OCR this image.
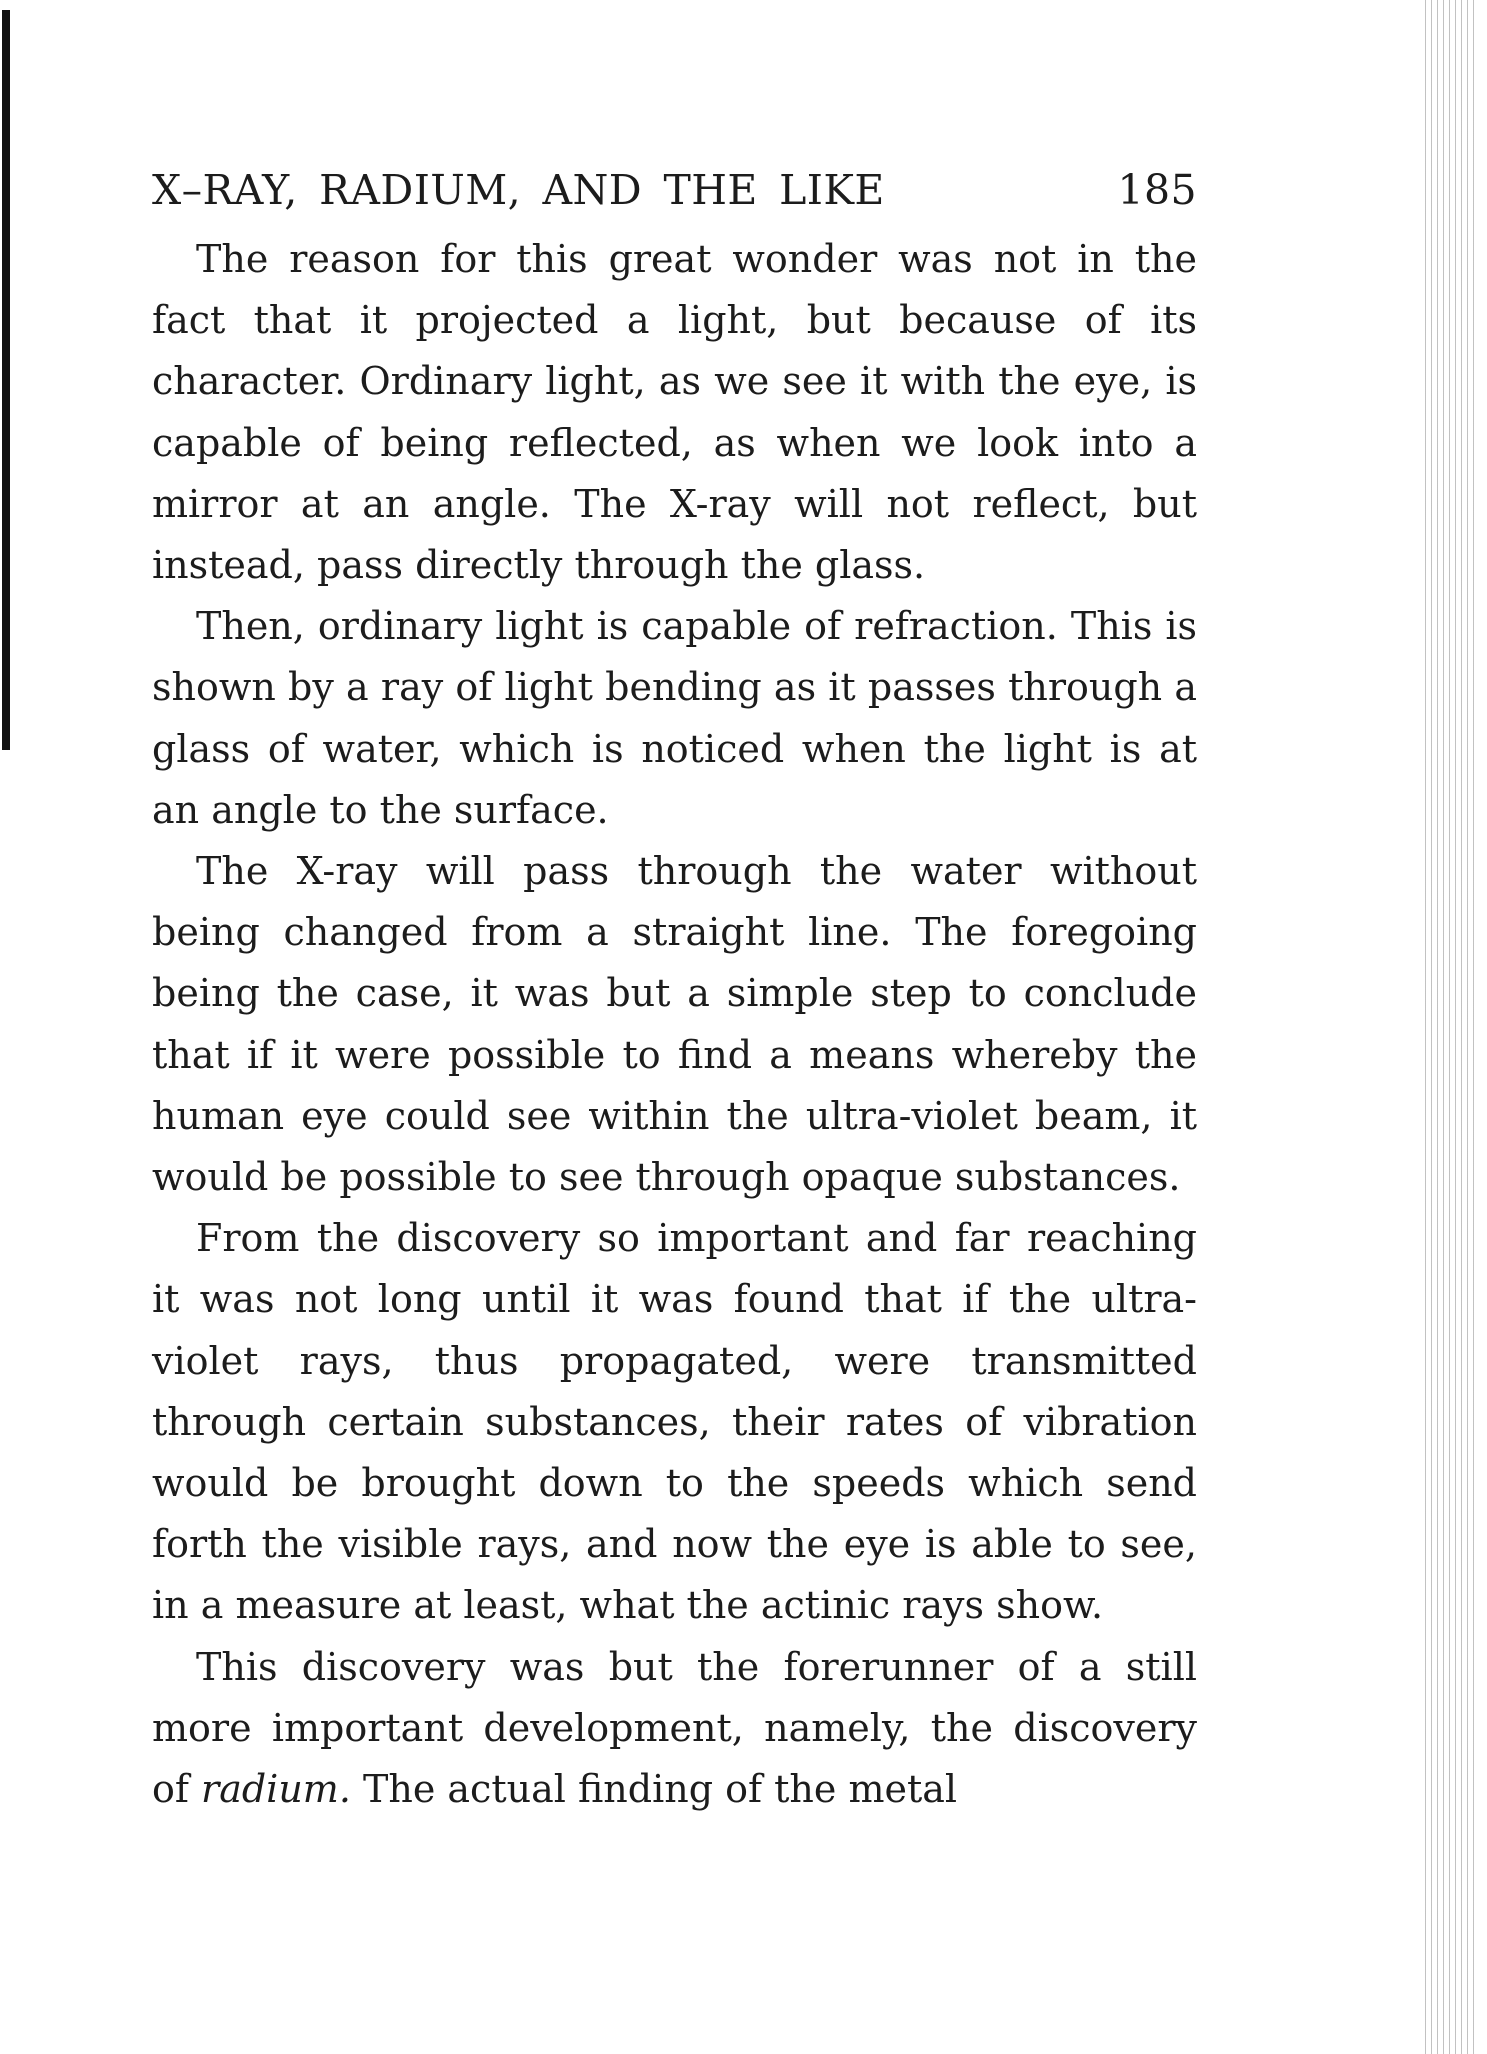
X–RAY, RADIUM, AND THE LIKE	185

The reason for this great wonder was not in the fact that it projected a light, but because of its character. Ordinary light, as we see it with the eye, is capable of being reflected, as when we look into a mirror at an angle. The X-ray will not reflect, but instead, pass directly through the glass.

Then, ordinary light is capable of refraction. This is shown by a ray of light bending as it passes through a glass of water, which is noticed when the light is at an angle to the surface.

The X-ray will pass through the water without being changed from a straight line. The foregoing being the case, it was but a simple step to conclude that if it were possible to find a means whereby the human eye could see within the ultra-violet beam, it would be possible to see through opaque substances.

From the discovery so important and far reaching it was not long until it was found that if the ultra-violet rays, thus propagated, were transmitted through certain substances, their rates of vibration would be brought down to the speeds which send forth the visible rays, and now the eye is able to see, in a measure at least, what the actinic rays show.

This discovery was but the forerunner of a still more important development, namely, the discovery of radium. The actual finding of the metal
